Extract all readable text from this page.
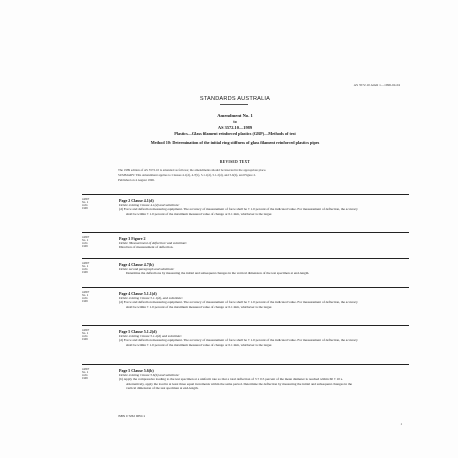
AS 3572.10 Amdt 1—1996-04-04
STANDARDS AUSTRALIA
Amendment No. 1
to
AS 3572.10—1989
Plastics—Glass filament reinforced plastics (GRP)—Methods of test
Method 10: Determination of the initial ring stiffness of glass filament reinforced plastics pipes
REVISED TEXT
The 1989 edition of AS 3572.10 is amended as follows; the amendments should be inserted in the appropriate place.
SUMMARY: This Amendment applies to Clauses 4.1(d), 4.7(b), 5.1.1(d), 5.1.2(d), and 5.6(b), and Figure 2.
Published on 4 August 1996.
AMDT
No. 1
AUG
1996
Page 2 Clause 4.1(d)
Delete existing Clause 4.1(d) and substitute:
(d) Force and deflection measuring equipment. The accuracy of measurement of force shall be ± 1.0 percent of the indicated value. For measurement of deflection, the accuracy shall be within ± 1.0 percent of the maximum measured value of change or 0.1 mm, whichever is the larger.
AMDT
No. 1
AUG
1996
Page 3 Figure 2
Delete 'Measurement of deflection' and substitute:
Direction of measurement of deflection.
AMDT
No. 1
AUG
1996
Page 4 Clause 4.7(b)
Delete second paragraph and substitute:
Determine the deflections by measuring the initial and subsequent changes in the vertical dimension of the test specimen at end-length.
AMDT
No. 1
AUG
1996
Page 4 Clause 5.1.1(d)
Delete existing Clause 5.1.1(d), and substitute:
(d) Force and deflection measuring equipment. The accuracy of measurement of force shall be ± 1.0 percent of the indicated value. For measurement of deflection, the accuracy shall be within ± 1.0 percent of the maximum measured value of change or 0.1 mm, whichever is the larger.
AMDT
No. 1
AUG
1996
Page 5 Clause 5.1.2(d)
Delete existing Clause 5.1.2(d) and substitute:
(d) Force and deflection measuring equipment. The accuracy of measurement of force shall be ± 1.0 percent of the indicated value. For measurement of deflection, the accuracy shall be within ± 1.0 percent of the maximum measured value of change or 0.1 mm, whichever is the larger.
AMDT
No. 1
AUG
1996
Page 5 Clause 5.6(b)
Delete existing Clause 5.6(b) and substitute:
(b) Apply the compressive loading to the test specimen at a uniform rate so that a total deflection of 3 ± 0.5 percent of the mean diameter is reached within 60 ± 10 s. Alternatively, apply the load in at least three equal increments within the same period. Determine the deflection by measuring the initial and subsequent changes in the vertical dimension of the test specimen at end-length.
ISBN 0 7262 9654 1
1
